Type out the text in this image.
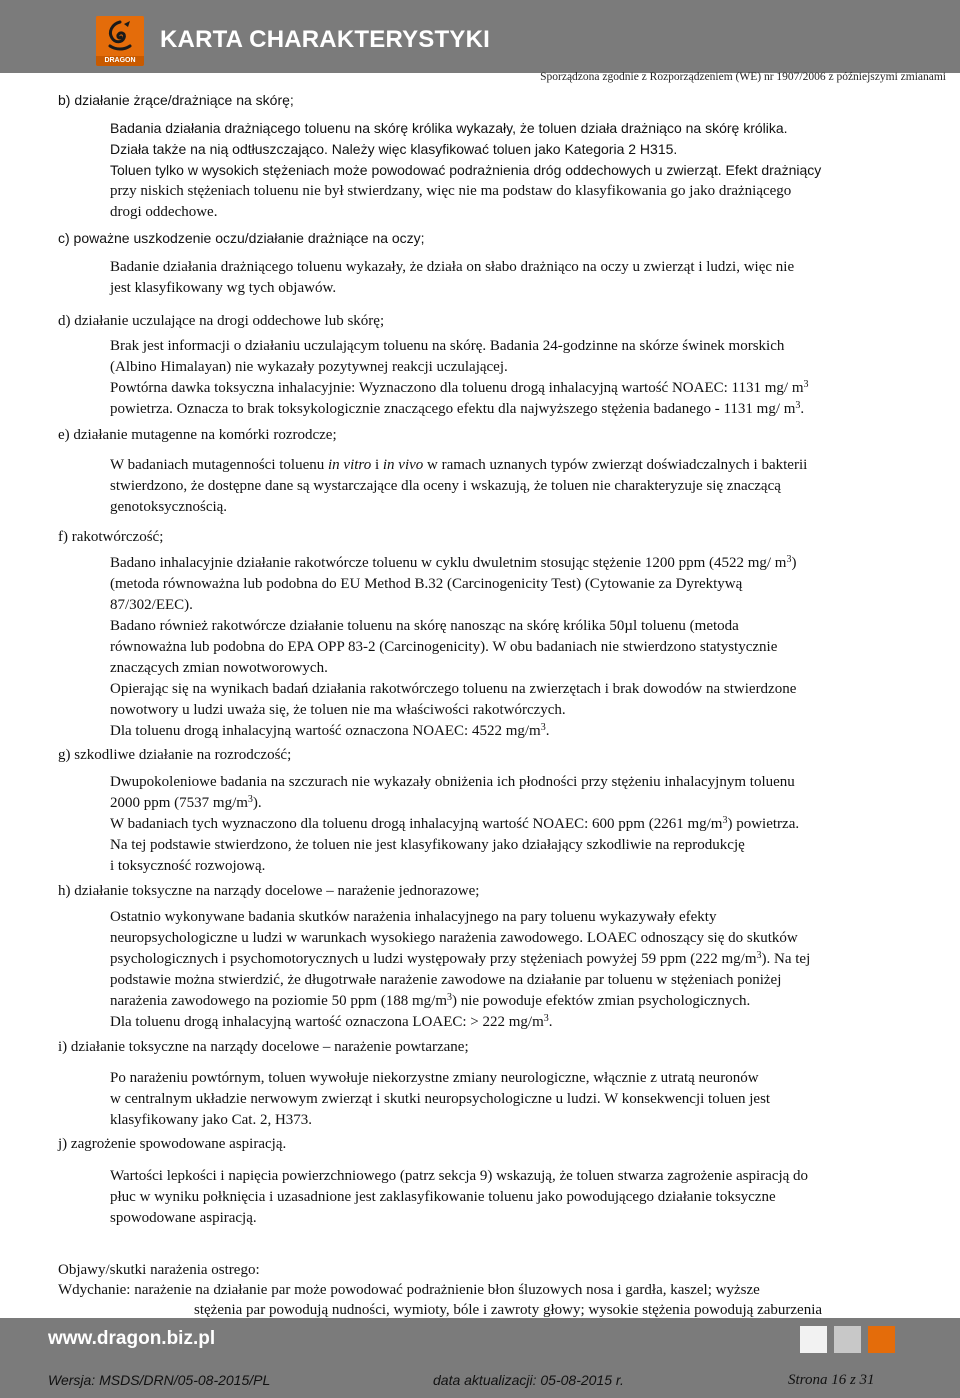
DRAGON
KARTA CHARAKTERYSTYKI
Sporządzona zgodnie z Rozporządzeniem (WE) nr 1907/2006 z późniejszymi zmianami
b) działanie żrące/drażniące na skórę;
Badania działania drażniącego toluenu na skórę królika wykazały, że toluen działa drażniąco na skórę królika.
Działa także na nią odtłuszczająco. Należy więc klasyfikować toluen jako Kategoria 2 H315.
Toluen tylko w wysokich stężeniach może powodować podrażnienia dróg oddechowych u zwierząt. Efekt drażniący
przy niskich stężeniach toluenu nie był stwierdzany, więc nie ma podstaw do klasyfikowania go jako drażniącego
drogi oddechowe.
c) poważne uszkodzenie oczu/działanie drażniące na oczy;
Badanie działania drażniącego toluenu wykazały, że działa on słabo drażniąco na oczy u zwierząt i ludzi, więc nie
jest klasyfikowany wg tych objawów.
d) działanie uczulające na drogi oddechowe lub skórę;
Brak jest informacji o działaniu uczulającym toluenu na skórę. Badania 24-godzinne na skórze świnek morskich
(Albino Himalayan) nie wykazały pozytywnej reakcji uczulającej.
Powtórna dawka toksyczna inhalacyjnie: Wyznaczono dla toluenu drogą inhalacyjną wartość NOAEC: 1131 mg/ $m^3$
powietrza. Oznacza to brak toksykologicznie znaczącego efektu dla najwyższego stężenia badanego - 1131 mg/ $m^3$.
e) działanie mutagenne na komórki rozrodcze;
W badaniach mutagenności toluenu in vitro i in vivo w ramach uznanych typów zwierząt doświadczalnych i bakterii
stwierdzono, że dostępne dane są wystarczające dla oceny i wskazują, że toluen nie charakteryzuje się znaczącą
genotoksycznością.
f) rakotwórczość;
Badano inhalacyjnie działanie rakotwórcze toluenu w cyklu dwuletnim stosując stężenie 1200 ppm (4522 mg/ $m^3$)
(metoda równoważna lub podobna do EU Method B.32 (Carcinogenicity Test) (Cytowanie za Dyrektywą
87/302/EEC).
Badano również rakotwórcze działanie toluenu na skórę nanosząc na skórę królika 50µl toluenu (metoda
równoważna lub podobna do EPA OPP 83-2 (Carcinogenicity). W obu badaniach nie stwierdzono statystycznie
znaczących zmian nowotworowych.
Opierając się na wynikach badań działania rakotwórczego toluenu na zwierzętach i brak dowodów na stwierdzone
nowotwory u ludzi uważa się, że toluen nie ma właściwości rakotwórczych.
Dla toluenu drogą inhalacyjną wartość oznaczona NOAEC: 4522 $mg/m^3$.
g) szkodliwe działanie na rozrodczość;
Dwupokoleniowe badania na szczurach nie wykazały obniżenia ich płodności przy stężeniu inhalacyjnym toluenu
2000 ppm (7537 $mg/m^3$).
W badaniach tych wyznaczono dla toluenu drogą inhalacyjną wartość NOAEC: 600 ppm (2261 $mg/m^3$) powietrza.
Na tej podstawie stwierdzono, że toluen nie jest klasyfikowany jako działający szkodliwie na reprodukcję
i toksyczność rozwojową.
h) działanie toksyczne na narządy docelowe – narażenie jednorazowe;
Ostatnio wykonywane badania skutków narażenia inhalacyjnego na pary toluenu wykazywały efekty
neuropsychologiczne u ludzi w warunkach wysokiego narażenia zawodowego. LOAEC odnoszący się do skutków
psychologicznych i psychomotorycznych u ludzi występowały przy stężeniach powyżej 59 ppm (222 $mg/m^3$). Na tej
podstawie można stwierdzić, że długotrwałe narażenie zawodowe na działanie par toluenu w stężeniach poniżej
narażenia zawodowego na poziomie 50 ppm (188 $mg/m^3$) nie powoduje efektów zmian psychologicznych.
Dla toluenu drogą inhalacyjną wartość oznaczona LOAEC: > 222 $mg/m^3$.
i) działanie toksyczne na narządy docelowe – narażenie powtarzane;
Po narażeniu powtórnym, toluen wywołuje niekorzystne zmiany neurologiczne, włącznie z utratą neuronów
w centralnym układzie nerwowym zwierząt i skutki neuropsychologiczne u ludzi. W konsekwencji toluen jest
klasyfikowany jako Cat. 2, H373.
j) zagrożenie spowodowane aspiracją.
Wartości lepkości i napięcia powierzchniowego (patrz sekcja 9) wskazują, że toluen stwarza zagrożenie aspiracją do
płuc w wyniku połknięcia i uzasadnione jest zaklasyfikowanie toluenu jako powodującego działanie toksyczne
spowodowane aspiracją.
Objawy/skutki narażenia ostrego:
Wdychanie: narażenie na działanie par może powodować podrażnienie błon śluzowych nosa i gardła, kaszel; wyższe
stężenia par powodują nudności, wymioty, bóle i zawroty głowy; wysokie stężenia powodują zaburzenia
www.dragon.biz.pl
Wersja: MSDS/DRN/05-08-2015/PL	data aktualizacji: 05-08-2015 r.	Strona 16 z 31
